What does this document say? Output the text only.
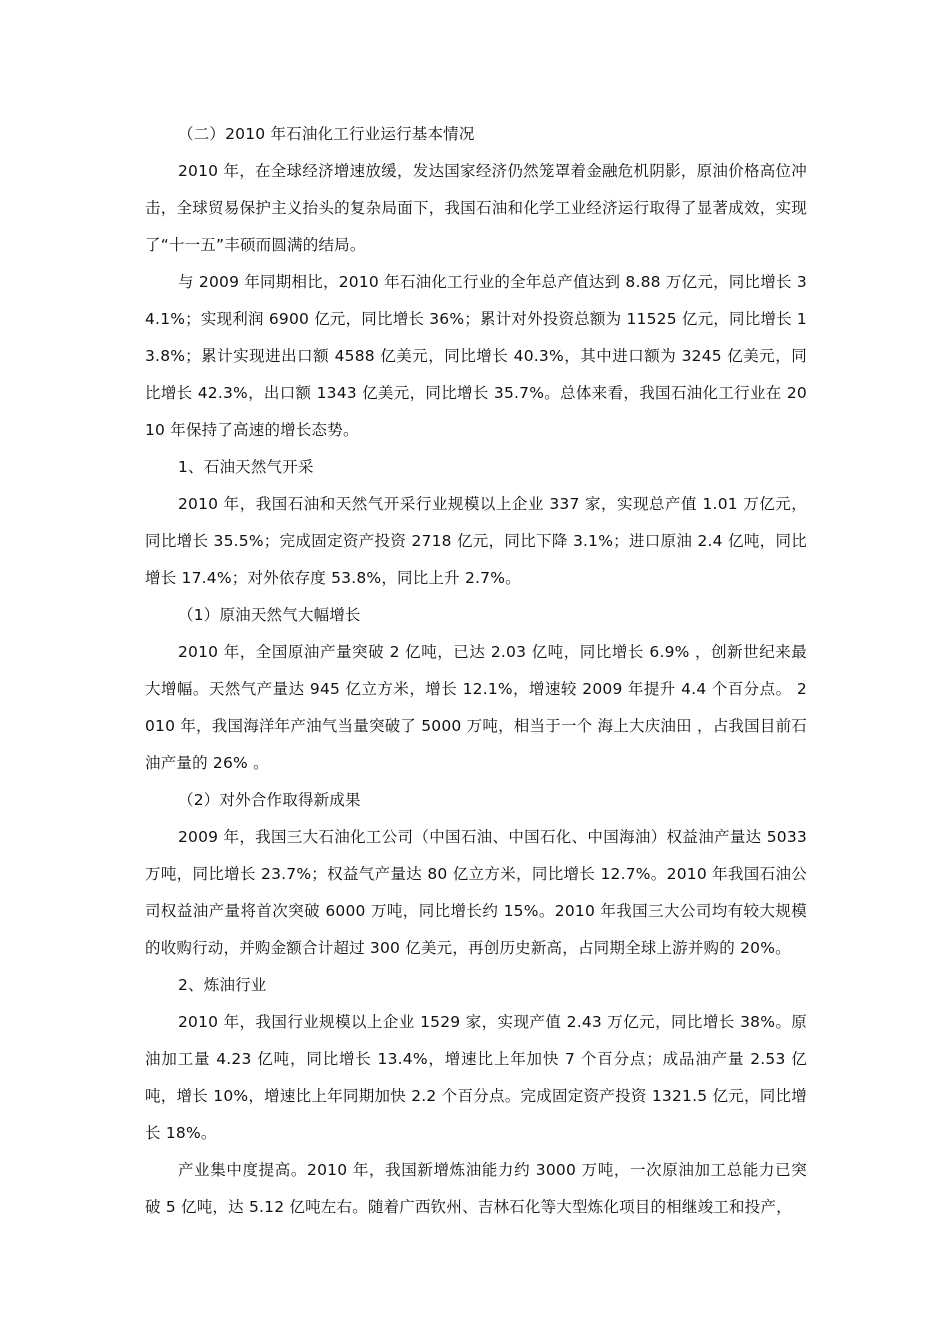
（二）2010 年石油化工行业运行基本情况

2010 年，在全球经济增速放缓，发达国家经济仍然笼罩着金融危机阴影，原油价格高位冲击，全球贸易保护主义抬头的复杂局面下，我国石油和化学工业经济运行取得了显著成效，实现了“十一五”丰硕而圆满的结局。

与 2009 年同期相比，2010 年石油化工行业的全年总产值达到 8.88 万亿元，同比增长 34.1%；实现利润 6900 亿元，同比增长 36%；累计对外投资总额为 11525 亿元，同比增长 13.8%；累计实现进出口额 4588 亿美元，同比增长 40.3%，其中进口额为 3245 亿美元，同比增长 42.3%，出口额 1343 亿美元，同比增长 35.7%。总体来看，我国石油化工行业在 2010 年保持了高速的增长态势。

1、石油天然气开采

2010 年，我国石油和天然气开采行业规模以上企业 337 家，实现总产值 1.01 万亿元，同比增长 35.5%；完成固定资产投资 2718 亿元，同比下降 3.1%；进口原油 2.4 亿吨，同比增长 17.4%；对外依存度 53.8%，同比上升 2.7%。

（1）原油天然气大幅增长

2010 年，全国原油产量突破 2 亿吨，已达 2.03 亿吨，同比增长 6.9% ，创新世纪来最大增幅。天然气产量达 945 亿立方米，增长 12.1%，增速较 2009 年提升 4.4 个百分点。 2010 年，我国海洋年产油气当量突破了 5000 万吨，相当于一个 海上大庆油田 ，占我国目前石油产量的 26% 。

（2）对外合作取得新成果

2009 年，我国三大石油化工公司（中国石油、中国石化、中国海油）权益油产量达 5033 万吨，同比增长 23.7%；权益气产量达 80 亿立方米，同比增长 12.7%。2010 年我国石油公司权益油产量将首次突破 6000 万吨，同比增长约 15%。2010 年我国三大公司均有较大规模的收购行动，并购金额合计超过 300 亿美元，再创历史新高，占同期全球上游并购的 20%。

2、炼油行业

2010 年，我国行业规模以上企业 1529 家，实现产值 2.43 万亿元，同比增长 38%。原油加工量 4.23 亿吨，同比增长 13.4%，增速比上年加快 7 个百分点；成品油产量 2.53 亿吨，增长 10%，增速比上年同期加快 2.2 个百分点。完成固定资产投资 1321.5 亿元，同比增长 18%。

产业集中度提高。2010 年，我国新增炼油能力约 3000 万吨，一次原油加工总能力已突破 5 亿吨，达 5.12 亿吨左右。随着广西钦州、吉林石化等大型炼化项目的相继竣工和投产，
